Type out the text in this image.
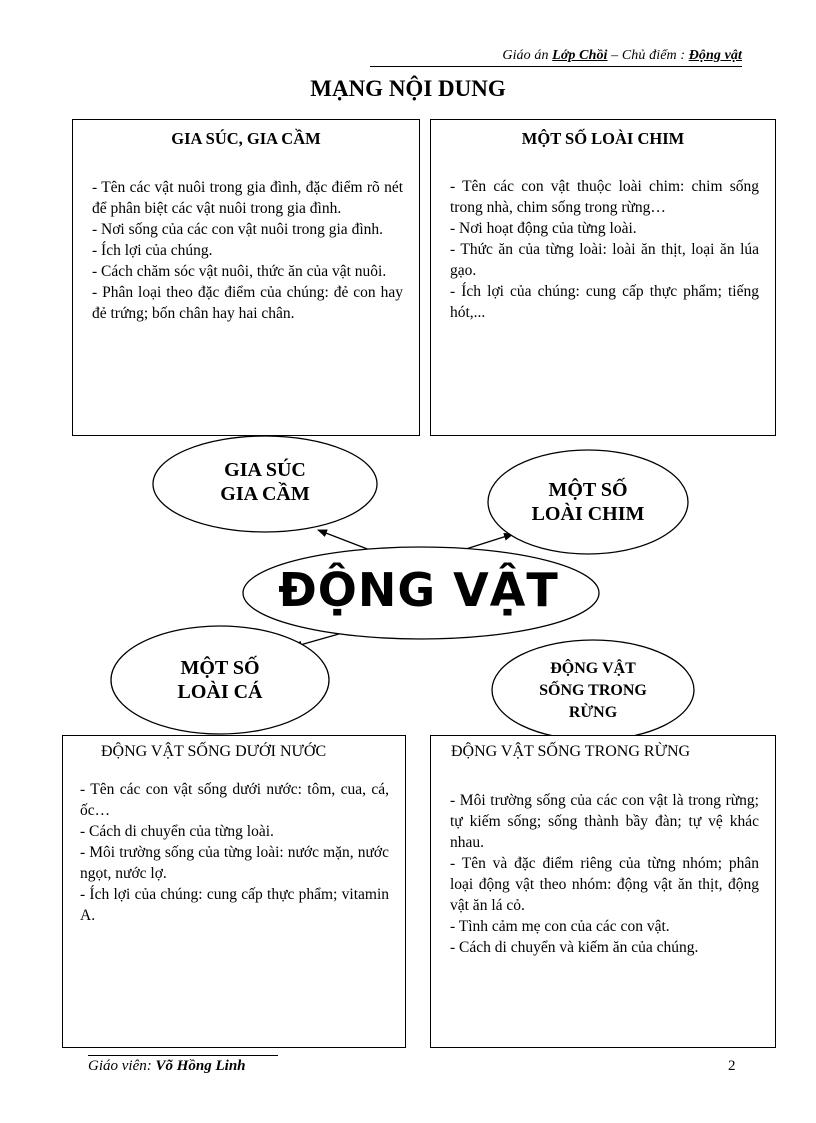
Giáo án Lớp Chồi – Chủ điểm : Động vật
MẠNG NỘI DUNG
GIA SÚC, GIA CẦM

- Tên các vật nuôi trong gia đình, đặc điểm rõ nét để phân biệt các vật nuôi trong gia đình.

- Nơi sống của các con vật nuôi trong gia đình.

- Ích lợi của chúng.

- Cách chăm sóc vật nuôi, thức ăn của vật nuôi.

- Phân loại theo đặc điểm của chúng: đẻ con hay đẻ trứng; bốn chân hay hai chân.

MỘT SỐ LOÀI CHIM

- Tên các con vật thuộc loài chim: chim sống trong nhà, chim sống trong rừng…

- Nơi hoạt động của từng loài.

- Thức ăn của từng loài: loài ăn thịt, loại ăn lúa gạo.

- Ích lợi của chúng: cung cấp thực phẩm; tiếng hót,...

GIA SÚC
GIA CẦM	MỘT SỐ
LOÀI CHIM
ĐỘNG VẬT
MỘT SỐ
LOÀI CÁ
ĐỘNG VẬT
SỐNG TRONG
RỪNG
ĐỘNG VẬT SỐNG DƯỚI NƯỚC

- Tên các con vật sống dưới nước: tôm, cua, cá, ốc…

- Cách di chuyển của từng loài.

- Môi trường sống của từng loài: nước mặn, nước ngọt, nước lợ.

- Ích lợi của chúng: cung cấp thực phẩm; vitamin A.

ĐỘNG VẬT SỐNG TRONG RỪNG

- Môi trường sống của các con vật là trong rừng; tự kiếm sống; sống thành bầy đàn; tự vệ khác nhau.

- Tên và đặc điểm riêng của từng nhóm; phân loại động vật theo nhóm: động vật ăn thịt, động vật ăn lá cỏ.

- Tình cảm mẹ con của các con vật.

- Cách di chuyển và kiếm ăn của chúng.

Giáo viên: Võ Hồng Linh	2
